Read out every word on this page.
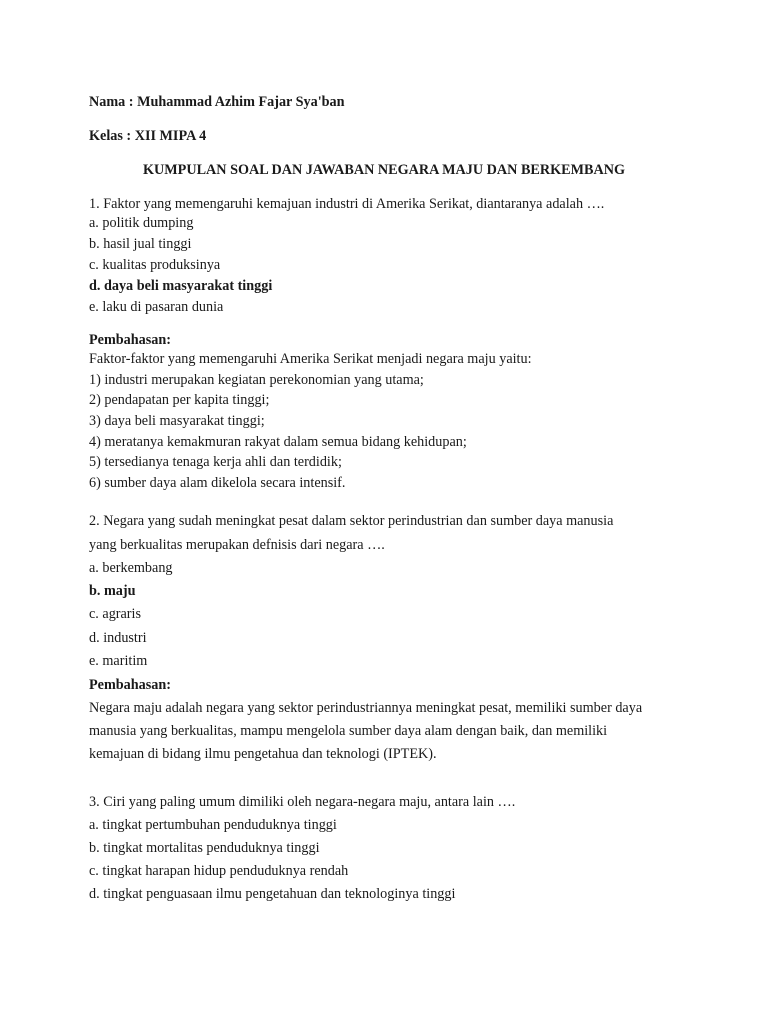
Nama : Muhammad Azhim Fajar Sya'ban

Kelas : XII MIPA 4

KUMPULAN SOAL DAN JAWABAN NEGARA MAJU DAN BERKEMBANG

1. Faktor yang memengaruhi kemajuan industri di Amerika Serikat, diantaranya adalah ….

a. politik dumping

b. hasil jual tinggi

c. kualitas produksinya

d. daya beli masyarakat tinggi

e. laku di pasaran dunia

Pembahasan:

Faktor-faktor yang memengaruhi Amerika Serikat menjadi negara maju yaitu:

1) industri merupakan kegiatan perekonomian yang utama;

2) pendapatan per kapita tinggi;

3) daya beli masyarakat tinggi;

4) meratanya kemakmuran rakyat dalam semua bidang kehidupan;

5) tersedianya tenaga kerja ahli dan terdidik;

6) sumber daya alam dikelola secara intensif.

2. Negara yang sudah meningkat pesat dalam sektor perindustrian dan sumber daya manusia

yang berkualitas merupakan defnisis dari negara ….

a. berkembang

b. maju

c. agraris

d. industri

e. maritim

Pembahasan:

Negara maju adalah negara yang sektor perindustriannya meningkat pesat, memiliki sumber daya

manusia yang berkualitas, mampu mengelola sumber daya alam dengan baik, dan memiliki

kemajuan di bidang ilmu pengetahua dan teknologi (IPTEK).

3. Ciri yang paling umum dimiliki oleh negara-negara maju, antara lain ….

a. tingkat pertumbuhan penduduknya tinggi

b. tingkat mortalitas penduduknya tinggi

c. tingkat harapan hidup penduduknya rendah

d. tingkat penguasaan ilmu pengetahuan dan teknologinya tinggi
